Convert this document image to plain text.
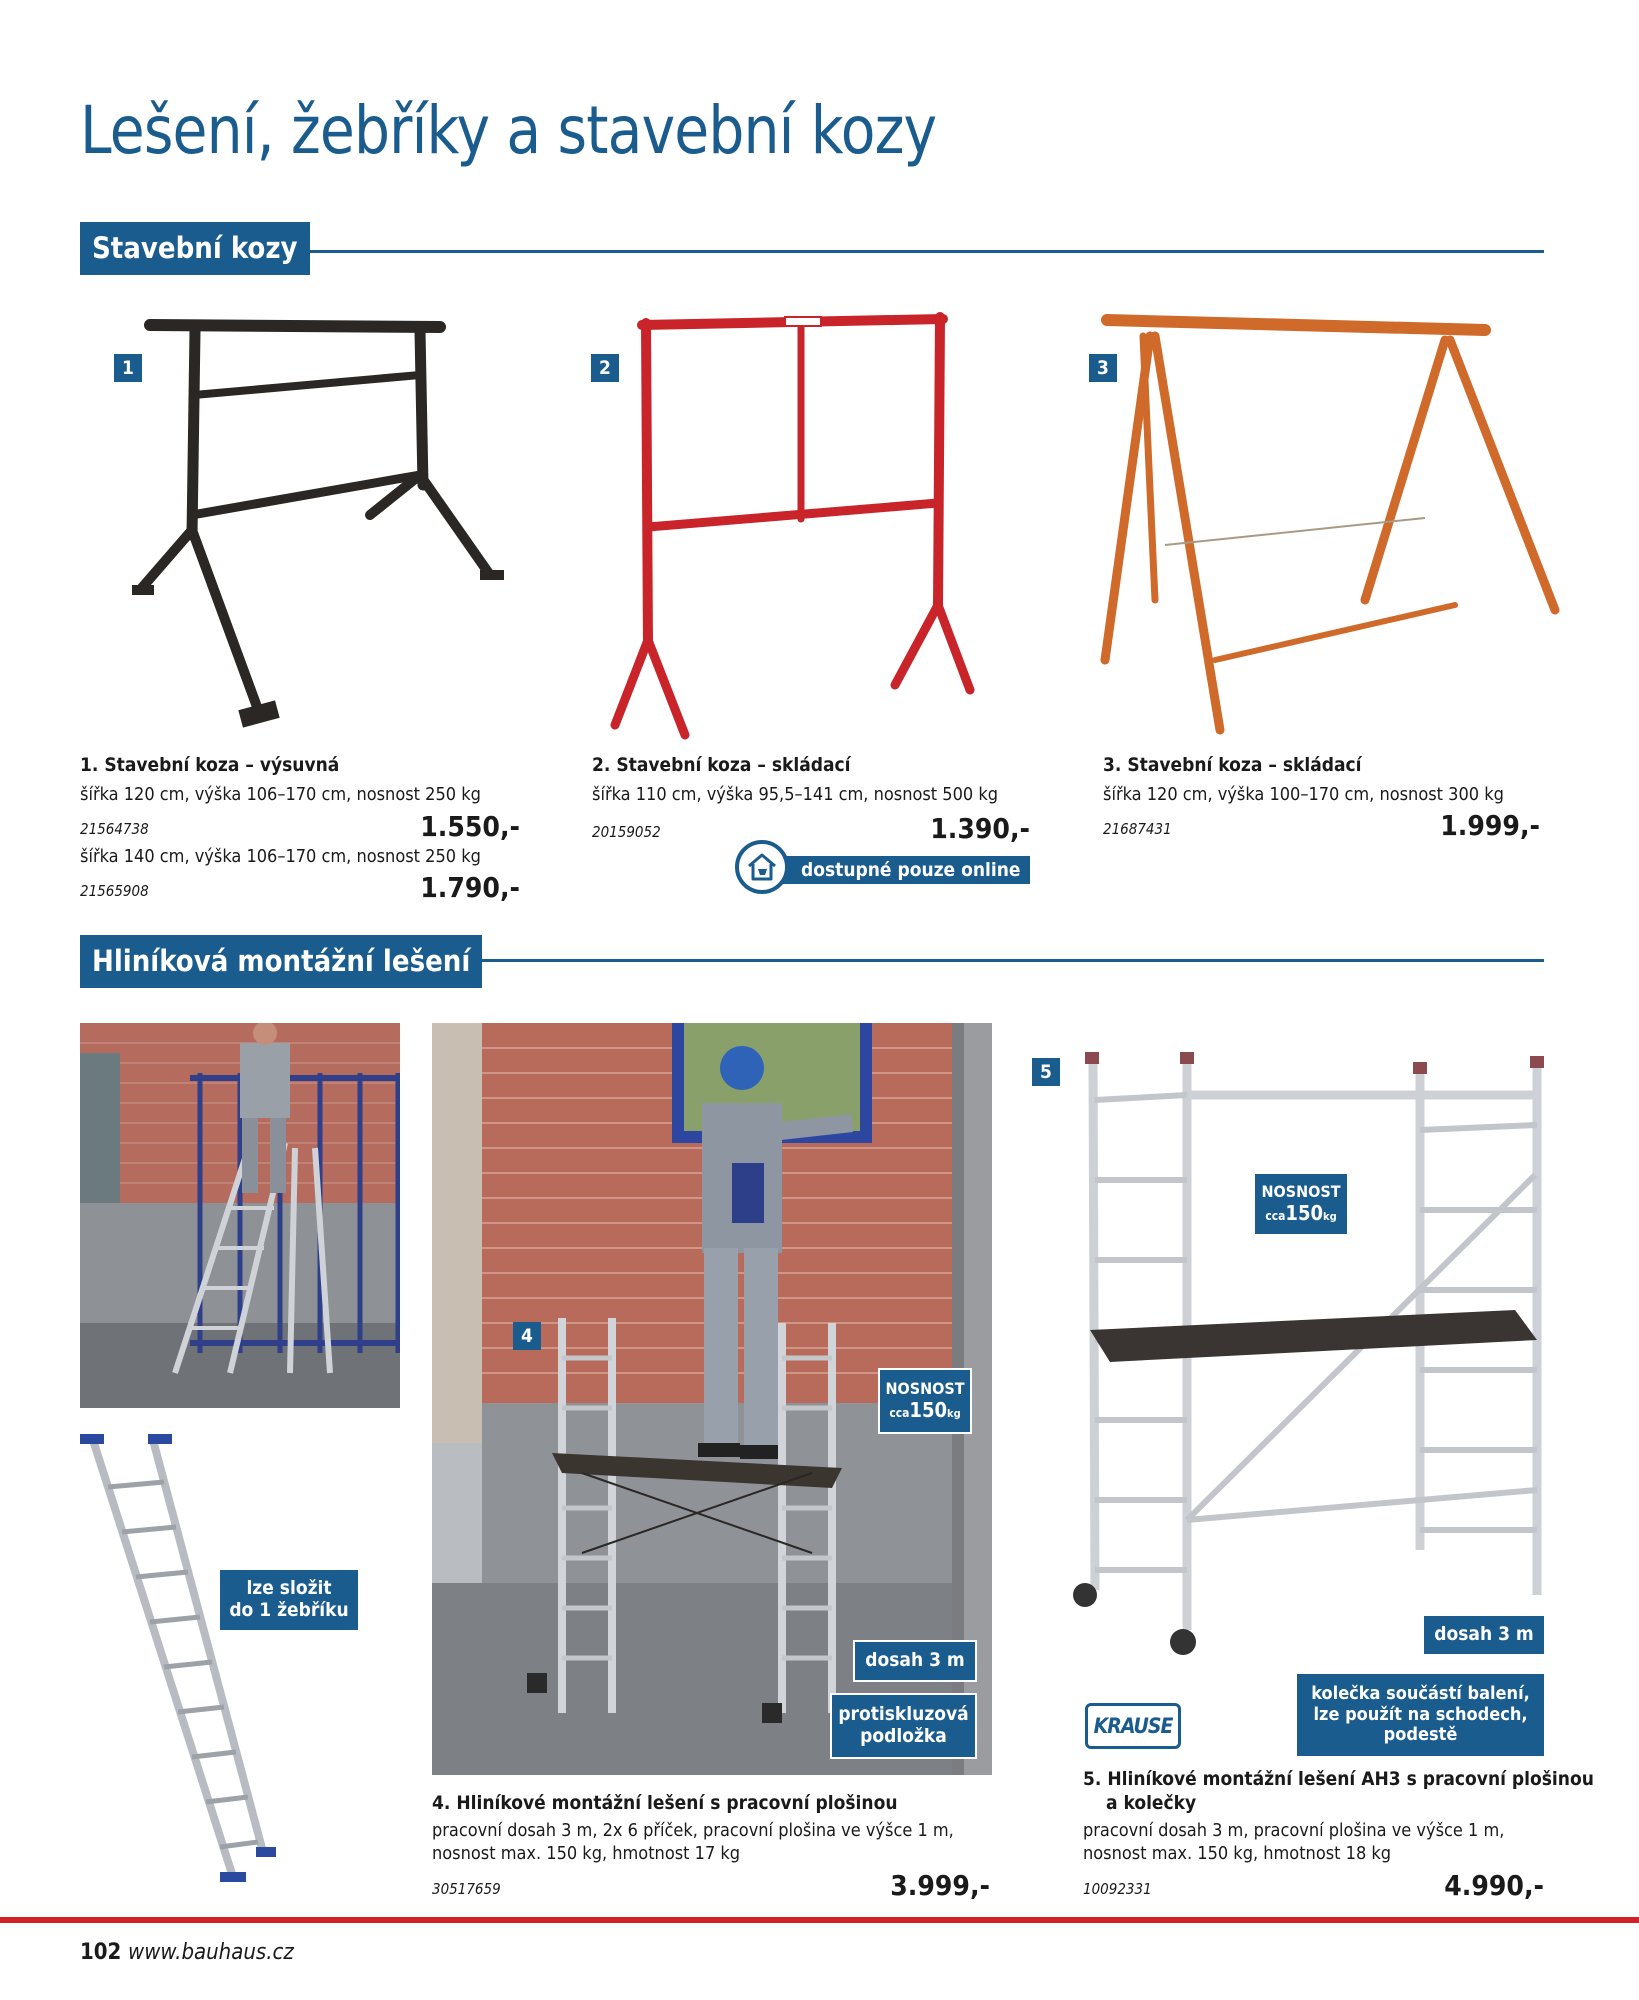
Lešení, žebříky a stavební kozy
Stavební kozy
1	2	3
1. Stavební koza – výsuvná
šířka 120 cm, výška 106–170 cm, nosnost 250 kg
21564738	1.550,-
šířka 140 cm, výška 106–170 cm, nosnost 250 kg
21565908	1.790,-
2. Stavební koza – skládací
šířka 110 cm, výška 95,5–141 cm, nosnost 500 kg
20159052	1.390,-
dostupné pouze online
3. Stavební koza – skládací
šířka 120 cm, výška 100–170 cm, nosnost 300 kg
21687431	1.999,-
Hliníková montážní lešení
lze složit
do 1 žebříku
4
NOSNOST
cca150kg
dosah 3 m
protiskluzová
podložka
5
NOSNOST
cca150kg
dosah 3 m
kolečka součástí balení,
lze použít na schodech,
podestě
KRAUSE
4. Hliníkové montážní lešení s pracovní plošinou
pracovní dosah 3 m, 2x 6 příček, pracovní plošina ve výšce 1 m,
nosnost max. 150 kg, hmotnost 17 kg
30517659	3.999,-
5. Hliníkové montážní lešení AH3 s pracovní plošinou
a kolečky
pracovní dosah 3 m, pracovní plošina ve výšce 1 m,
nosnost max. 150 kg, hmotnost 18 kg
10092331	4.990,-
102 www.bauhaus.cz
